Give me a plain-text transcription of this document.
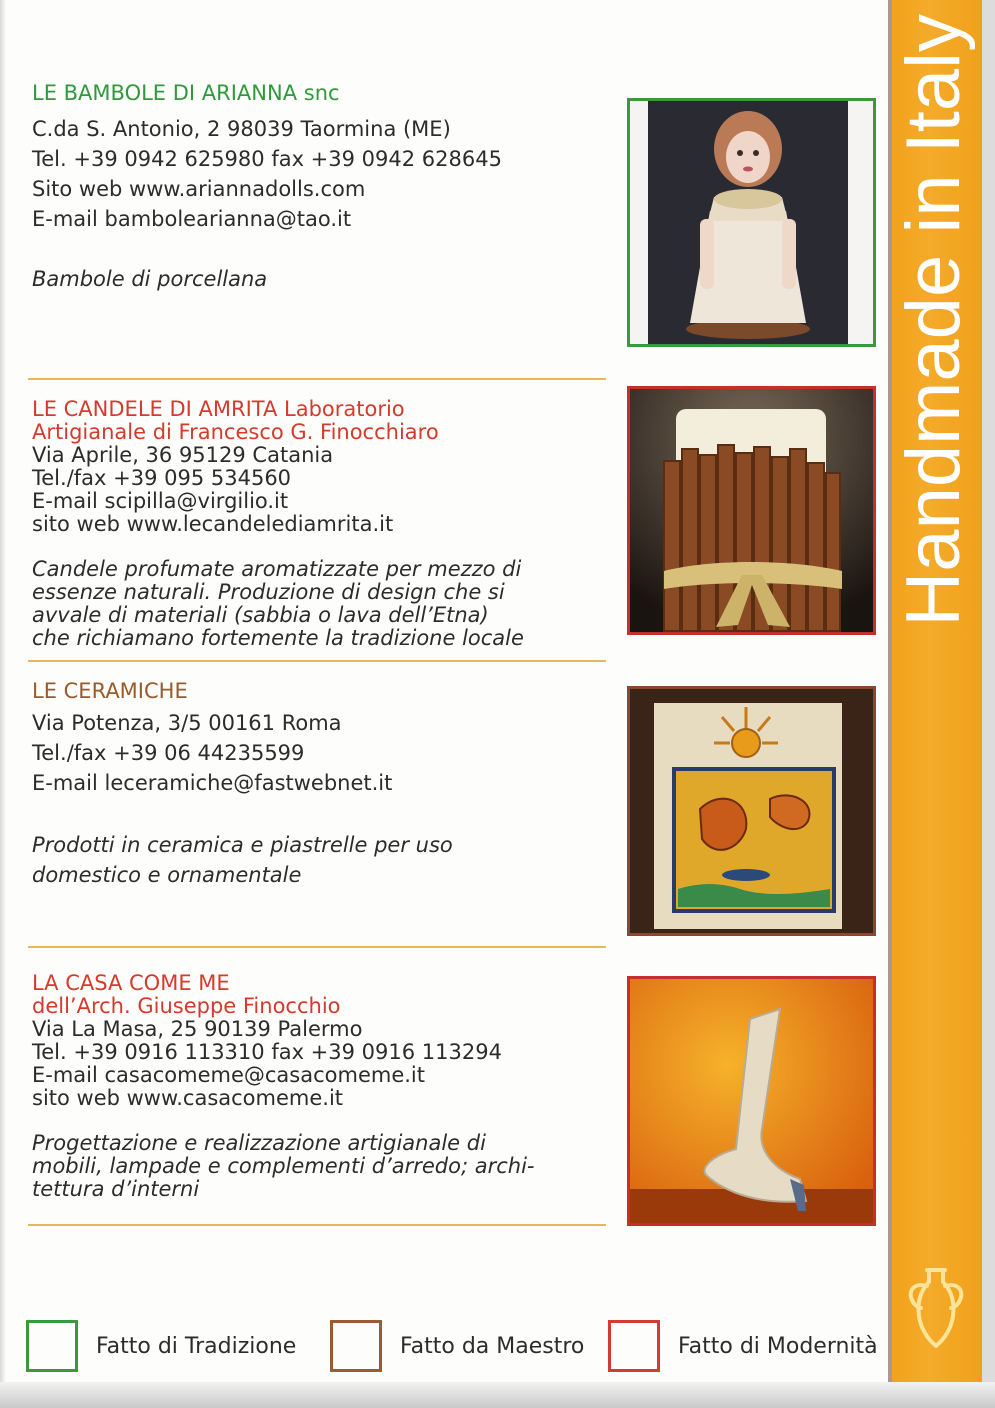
Handmade in Italy

LE BAMBOLE DI ARIANNA snc

C.da S. Antonio, 2 98039 Taormina (ME)

Tel. +39 0942 625980 fax +39 0942 628645

Sito web www.ariannadolls.com

E-mail bambolearianna@tao.it

Bambole di porcellana

LE CANDELE DI AMRITA Laboratorio

Artigianale di Francesco G. Finocchiaro

Via Aprile, 36 95129 Catania

Tel./fax +39 095 534560

E-mail scipilla@virgilio.it

sito web www.lecandelediamrita.it

Candele profumate aromatizzate per mezzo di

essenze naturali. Produzione di design che si

avvale di materiali (sabbia o lava dell’Etna)

che richiamano fortemente la tradizione locale

LE CERAMICHE

Via Potenza, 3/5 00161 Roma

Tel./fax +39 06 44235599

E-mail leceramiche@fastwebnet.it

Prodotti in ceramica e piastrelle per uso

domestico e ornamentale

LA CASA COME ME

dell’Arch. Giuseppe Finocchio

Via La Masa, 25 90139 Palermo

Tel. +39 0916 113310 fax +39 0916 113294

E-mail casacomeme@casacomeme.it

sito web www.casacomeme.it

Progettazione e realizzazione artigianale di

mobili, lampade e complementi d’arredo; archi-

tettura d’interni

Fatto di Tradizione	Fatto da Maestro	Fatto di Modernità
